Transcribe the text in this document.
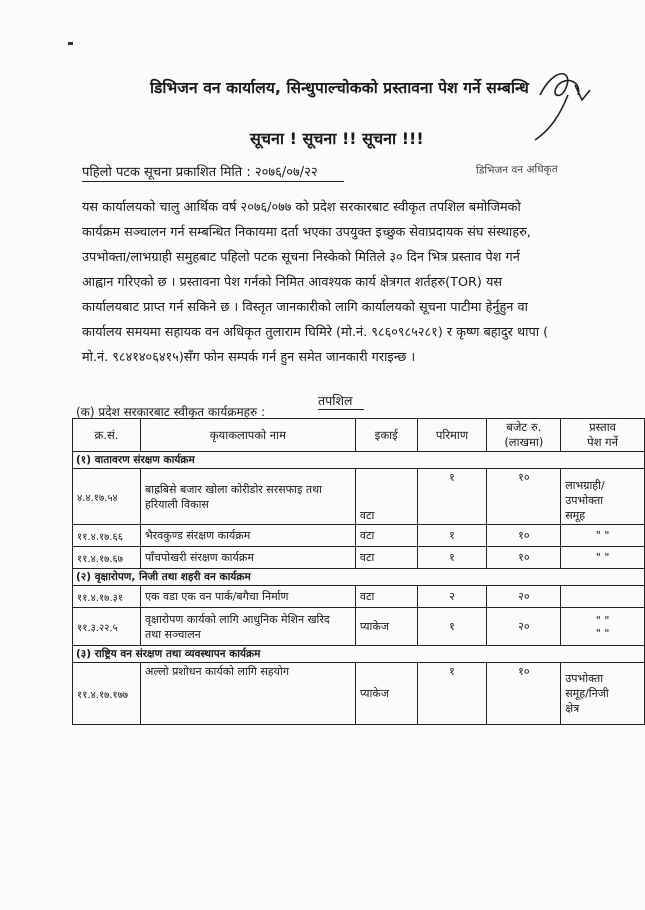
डिभिजन वन कार्यालय, सिन्धुपाल्चोकको प्रस्तावना पेश गर्ने सम्बन्धि
सूचना ! सूचना !! सूचना !!!
पहिलो पटक सूचना प्रकाशित मिति : २०७६/०७/२२	डिभिजन वन अधिकृत
यस कार्यालयको चालु आर्थिक वर्ष २०७६/०७७ को प्रदेश सरकारबाट स्वीकृत तपशिल बमोजिमको
कार्यक्रम सञ्चालन गर्न सम्बन्धित निकायमा दर्ता भएका उपयुक्त इच्छुक सेवाप्रदायक संघ संस्थाहरु,
उपभोक्ता/लाभग्राही समुहबाट पहिलो पटक सूचना निस्केको मितिले ३० दिन भित्र प्रस्ताव पेश गर्न
आह्वान गरिएको छ । प्रस्तावना पेश गर्नको निमित आवश्यक कार्य क्षेत्रगत शर्तहरु(TOR) यस
कार्यालयबाट प्राप्त गर्न सकिने छ । विस्तृत जानकारीको लागि कार्यालयको सूचना पाटीमा हेर्नुहुन वा
कार्यालय समयमा सहायक वन अधिकृत तुलाराम घिमिरे (मो.नं. ९८६०९८५२८१) र कृष्ण बहादुर थापा (
मो.नं. ९८४१४०६४१५)सँग फोन सम्पर्क गर्न हुन समेत जानकारी गराइन्छ ।
तपशिल
(क) प्रदेश सरकारबाट स्वीकृत कार्यक्रमहरु :
क्र.सं.	कृयाकलापको नाम	इकाई	परिमाण	बजेट रु.
(लाखमा)	प्रस्ताव
पेश गर्ने
(१) वातावरण संरक्षण कार्यक्रम					
४.४.१७.५४	बाह्रबिसे बजार खोला कोरीडोर सरसफाइ तथा
हरियाली विकास	वटा	१	१०	लाभग्राही/
उपभोक्ता
समूह
११.४.१७.६६	भैरवकुण्ड संरक्षण कार्यक्रम	वटा	१	१०	" "
११.४.१७.६७	पाँचपोखरी संरक्षण कार्यक्रम	वटा	१	१०	" "
(२) वृक्षारोपण, निजी तथा शहरी वन कार्यक्रम					
११.४.१७.३१	एक वडा एक वन पार्क/बगैचा निर्माण	वटा	२	२०	
११.३.२२.५	वृक्षारोपण कार्यको लागि आधुनिक मेशिन खरिद
तथा सञ्चालन	प्याकेज	१	२०	" "
" "
(३) राष्ट्रिय वन संरक्षण तथा व्यवस्थापन कार्यक्रम					
११.४.१७.१७७	अल्लो प्रशोधन कार्यको लागि सहयोग	प्याकेज	१	१०	उपभोक्ता
समूह/निजी
क्षेत्र
